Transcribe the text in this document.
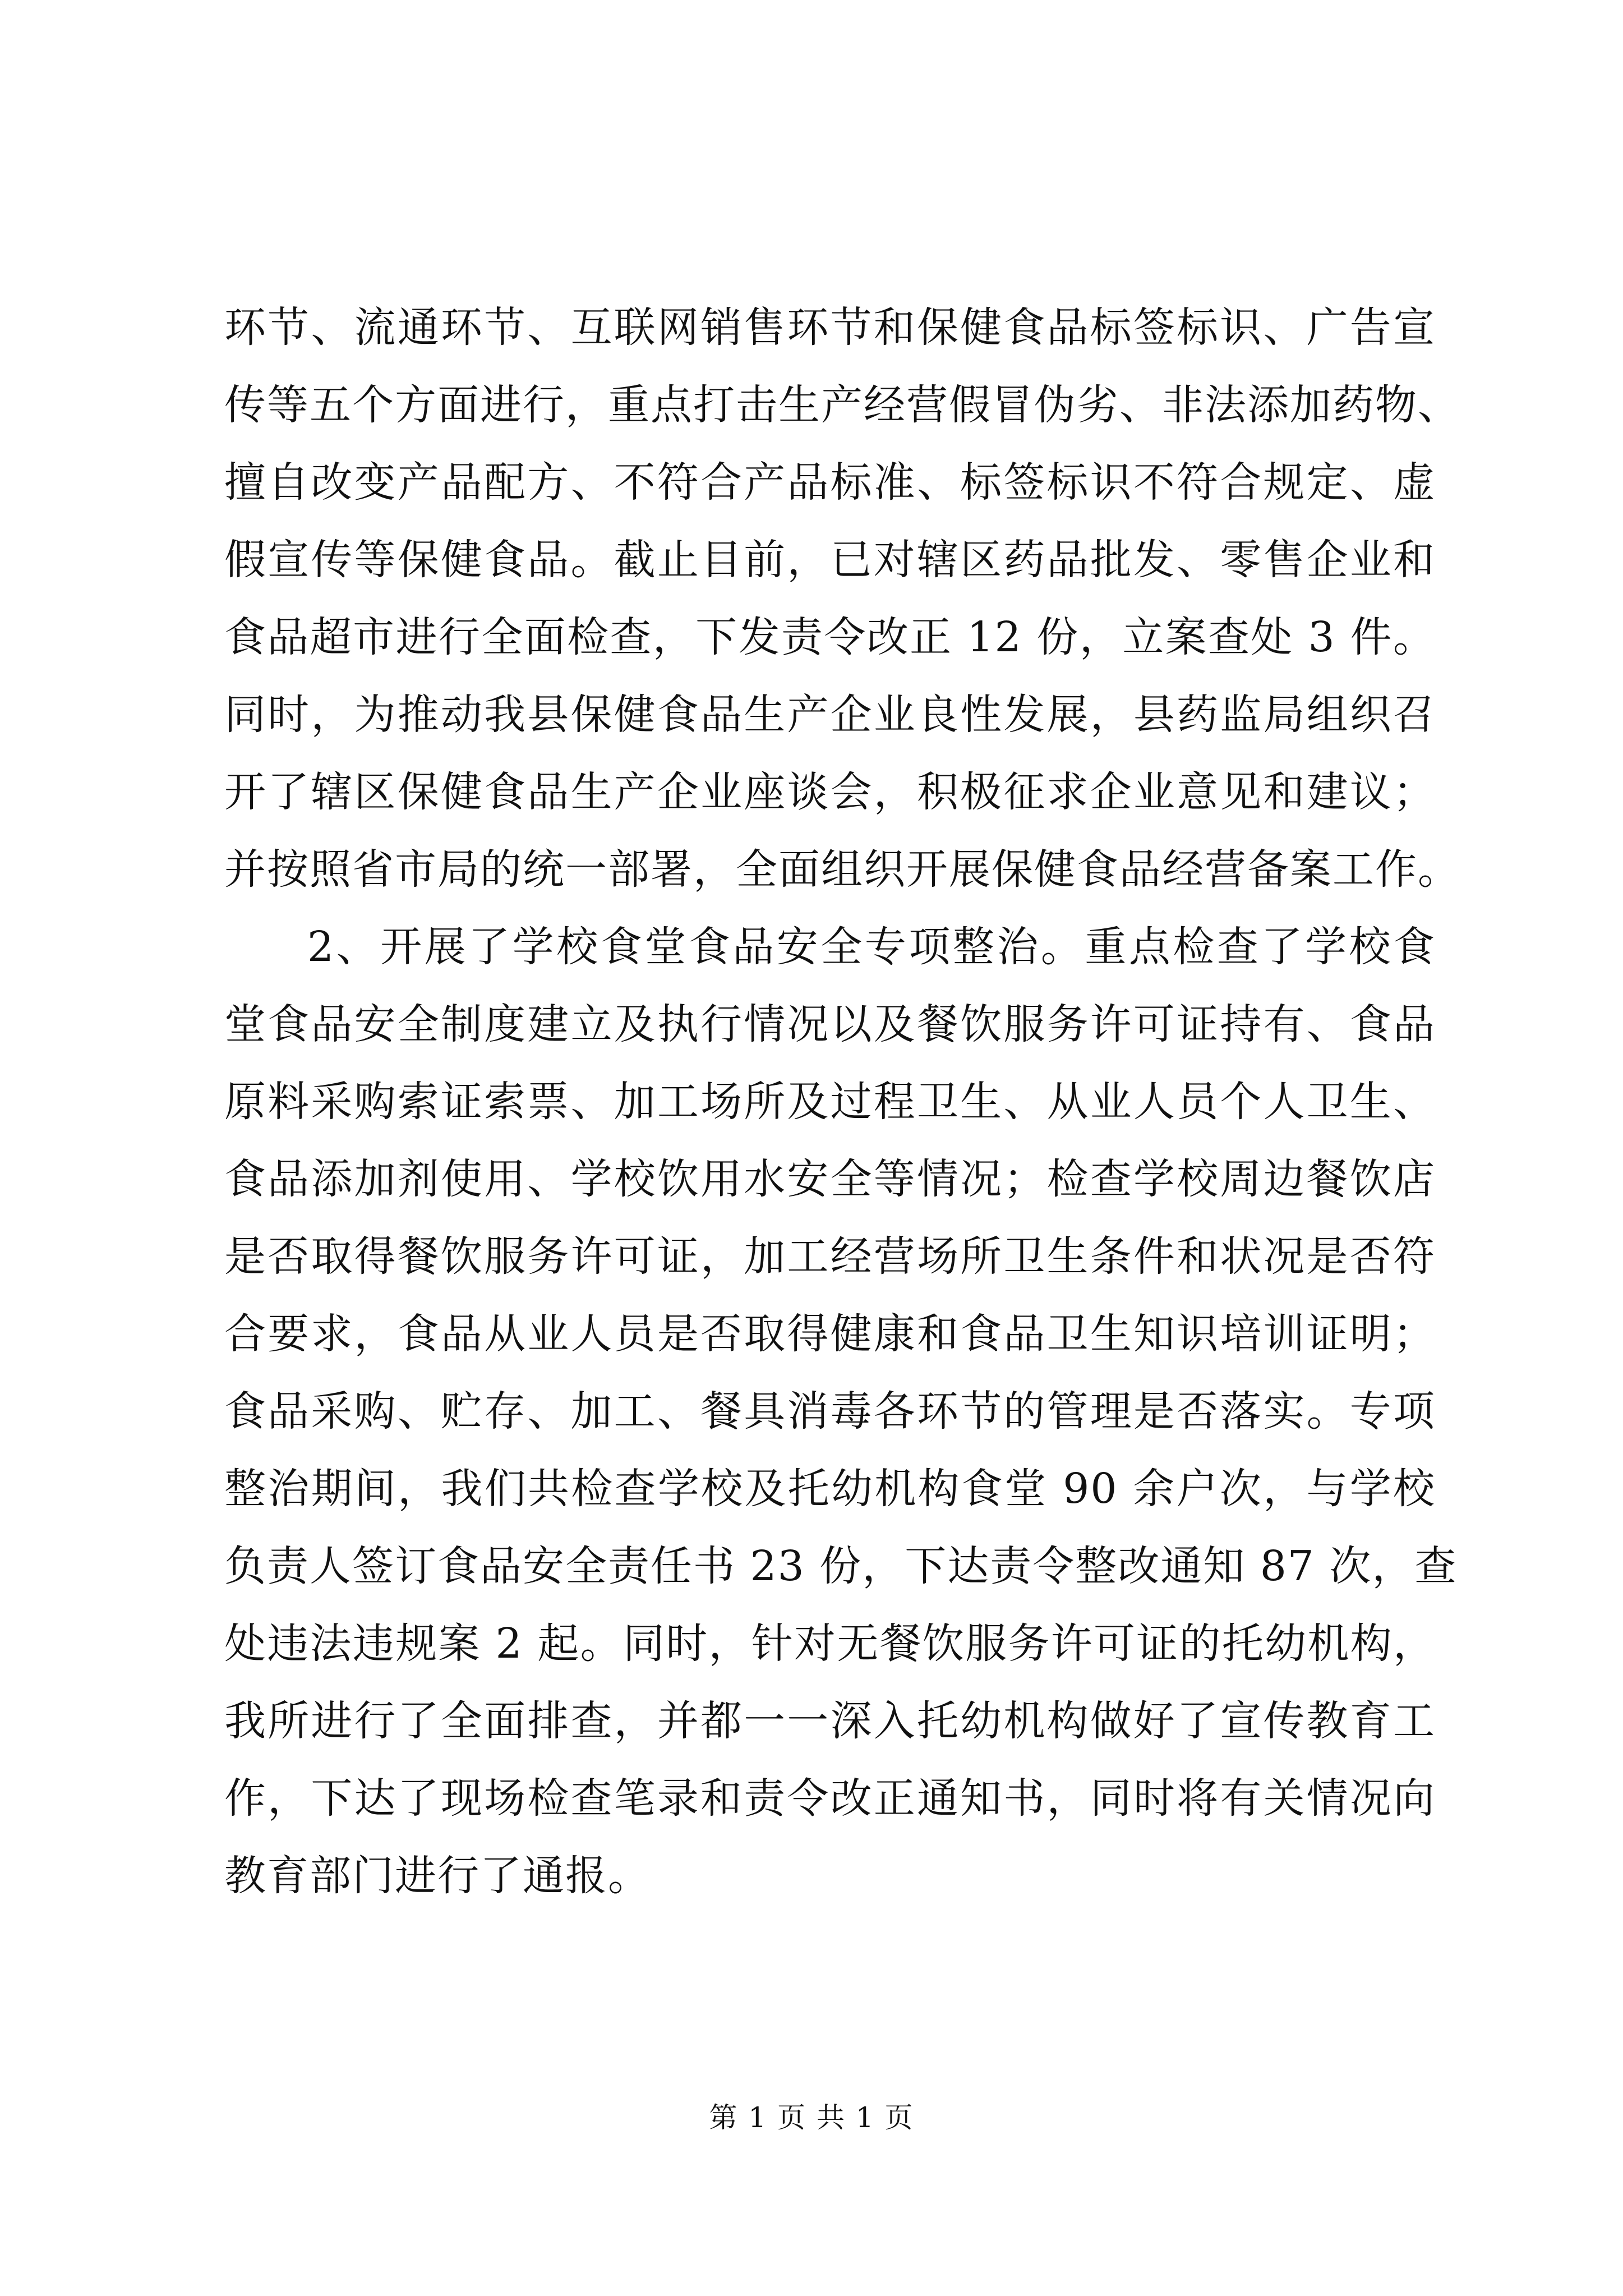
环节、流通环节、互联网销售环节和保健食品标签标识、广告宣
传等五个方面进行，重点打击生产经营假冒伪劣、非法添加药物、
擅自改变产品配方、不符合产品标准、标签标识不符合规定、虚
假宣传等保健食品。截止目前，已对辖区药品批发、零售企业和
食品超市进行全面检查，下发责令改正 12 份，立案查处 3 件。
同时，为推动我县保健食品生产企业良性发展，县药监局组织召
开了辖区保健食品生产企业座谈会，积极征求企业意见和建议；
并按照省市局的统一部署，全面组织开展保健食品经营备案工作。
2、开展了学校食堂食品安全专项整治。重点检查了学校食
堂食品安全制度建立及执行情况以及餐饮服务许可证持有、食品
原料采购索证索票、加工场所及过程卫生、从业人员个人卫生、
食品添加剂使用、学校饮用水安全等情况；检查学校周边餐饮店
是否取得餐饮服务许可证，加工经营场所卫生条件和状况是否符
合要求，食品从业人员是否取得健康和食品卫生知识培训证明；
食品采购、贮存、加工、餐具消毒各环节的管理是否落实。专项
整治期间，我们共检查学校及托幼机构食堂 90 余户次，与学校
负责人签订食品安全责任书 23 份，下达责令整改通知 87 次，查
处违法违规案 2 起。同时，针对无餐饮服务许可证的托幼机构，
我所进行了全面排查，并都一一深入托幼机构做好了宣传教育工
作，下达了现场检查笔录和责令改正通知书，同时将有关情况向
教育部门进行了通报。
第 1 页 共 1 页
